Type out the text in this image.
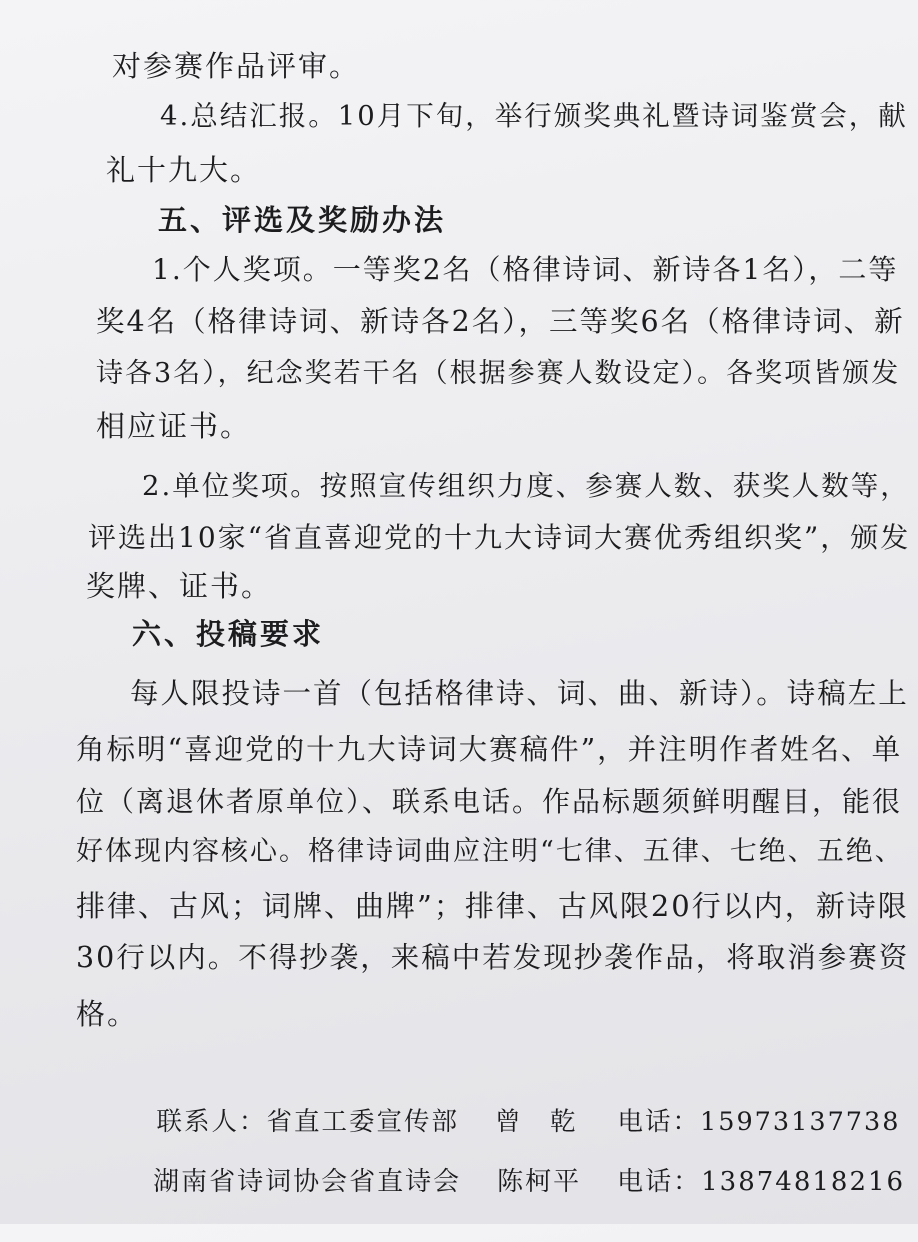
对参赛作品评审。
4.总结汇报。10月下旬，举行颁奖典礼暨诗词鉴赏会，献
礼十九大。
五、评选及奖励办法
1.个人奖项。一等奖2名（格律诗词、新诗各1名），二等
奖4名（格律诗词、新诗各2名），三等奖6名（格律诗词、新
诗各3名），纪念奖若干名（根据参赛人数设定）。各奖项皆颁发
相应证书。
2.单位奖项。按照宣传组织力度、参赛人数、获奖人数等，
评选出10家“省直喜迎党的十九大诗词大赛优秀组织奖”，颁发
奖牌、证书。
六、投稿要求
每人限投诗一首（包括格律诗、词、曲、新诗）。诗稿左上
角标明“喜迎党的十九大诗词大赛稿件”，并注明作者姓名、单
位（离退休者原单位）、联系电话。作品标题须鲜明醒目，能很
好体现内容核心。格律诗词曲应注明“七律、五律、七绝、五绝、
排律、古风；词牌、曲牌”；排律、古风限20行以内，新诗限
30行以内。不得抄袭，来稿中若发现抄袭作品，将取消参赛资
格。

联系人：省直工委宣传部 曾　乾 电话：15973137738

湖南省诗词协会省直诗会 陈柯平 电话：13874818216
